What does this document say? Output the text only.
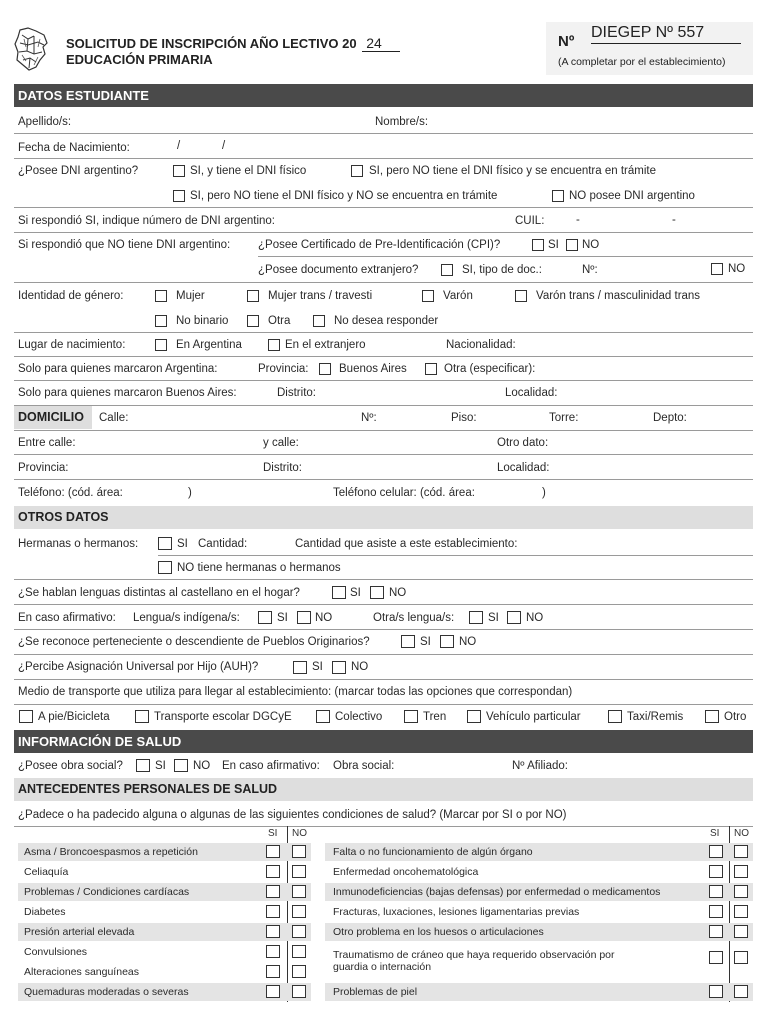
SOLICITUD DE INSCRIPCIÓN AÑO LECTIVO 20 24
EDUCACIÓN PRIMARIA
Nº
DIEGEP Nº 557
(A completar por el establecimiento)
DATOS ESTUDIANTE
Apellido/s:	Nombre/s:
Fecha de Nacimiento:	/	/
¿Posee DNI argentino?	SI, y tiene el DNI físico	SI, pero NO tiene el DNI físico y se encuentra en trámite
SI, pero NO tiene el DNI físico y NO se encuentra en trámite	NO posee DNI argentino
Si respondió SI, indique número de DNI argentino:	CUIL:	-	-
Si respondió que NO tiene DNI argentino: ¿Posee Certificado de Pre-Identificación (CPI)?	SI NO
¿Posee documento extranjero?	SI, tipo de doc.:	Nº:	NO
Identidad de género:	Mujer	Mujer trans / travesti	Varón	Varón trans / masculinidad trans
No binario	Otra	No desea responder
Lugar de nacimiento:	En Argentina	En el extranjero	Nacionalidad:
Solo para quienes marcaron Argentina:	Provincia:	Buenos Aires	Otra (especificar):
Solo para quienes marcaron Buenos Aires:	Distrito:	Localidad:
DOMICILIO	Calle:	Nº:	Piso:	Torre:	Depto:
Entre calle:	y calle:	Otro dato:
Provincia:	Distrito:	Localidad:
Teléfono: (cód. área:	)	Teléfono celular: (cód. área:	)
OTROS DATOS
Hermanas o hermanos:	SI Cantidad:	Cantidad que asiste a este establecimiento:
NO tiene hermanas o hermanos
¿Se hablan lenguas distintas al castellano en el hogar?	SI NO
En caso afirmativo: Lengua/s indígena/s:	SI NO	Otra/s lengua/s:	SI NO
¿Se reconoce perteneciente o descendiente de Pueblos Originarios?	SI NO
¿Percibe Asignación Universal por Hijo (AUH)?	SI NO
Medio de transporte que utiliza para llegar al establecimiento: (marcar todas las opciones que correspondan)
A pie/Bicicleta	Transporte escolar DGCyE	Colectivo	Tren	Vehículo particular	Taxi/Remis	Otro
INFORMACIÓN DE SALUD
¿Posee obra social?	SI NO En caso afirmativo: Obra social:	Nº Afiliado:
ANTECEDENTES PERSONALES DE SALUD
¿Padece o ha padecido alguna o algunas de las siguientes condiciones de salud? (Marcar por SI o por NO)
SI NO	SI NO
Asma / Broncoespasmos a repetición
Celiaquía
Problemas / Condiciones cardíacas
Diabetes
Presión arterial elevada
Convulsiones
Alteraciones sanguíneas
Quemaduras moderadas o severas
Falta o no funcionamiento de algún órgano
Enfermedad oncohematológica
Inmunodeficiencias (bajas defensas) por enfermedad o medicamentos
Fracturas, luxaciones, lesiones ligamentarias previas
Otro problema en los huesos o articulaciones
Traumatismo de cráneo que haya requerido observación por
guardia o internación
Problemas de piel
